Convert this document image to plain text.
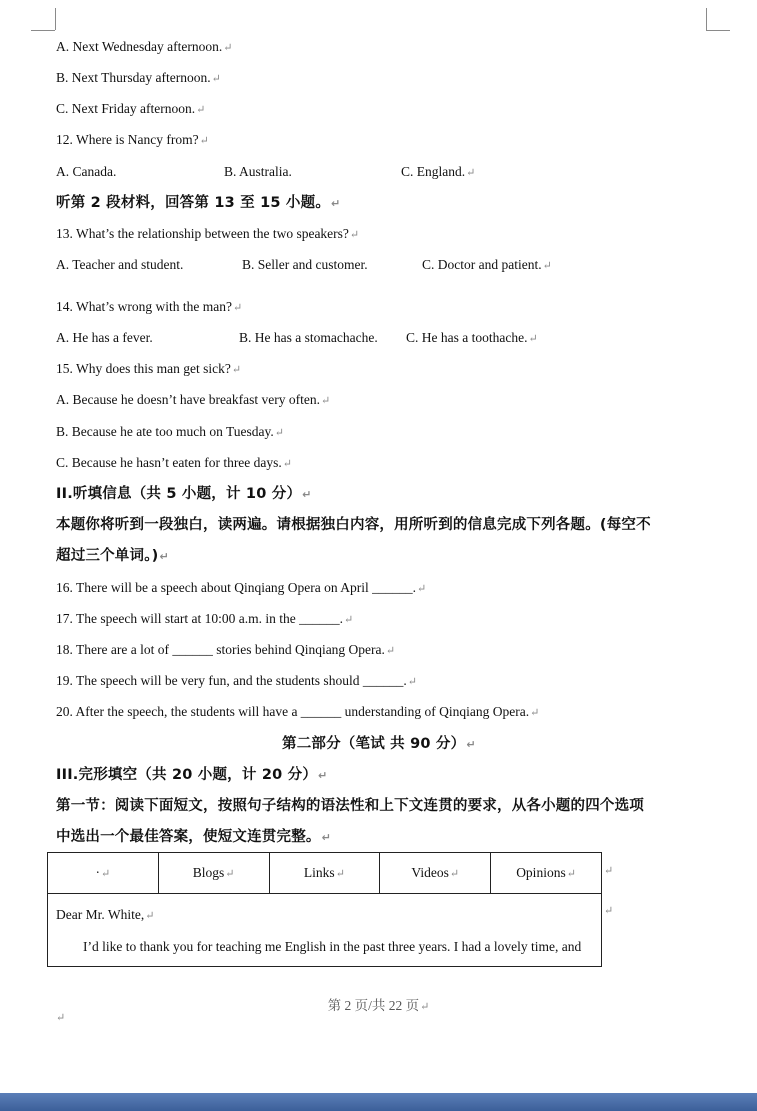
A. Next Wednesday afternoon.↵
B. Next Thursday afternoon.↵
C. Next Friday afternoon.↵
12. Where is Nancy from?↵
A. Canada.	B. Australia.	C. England.↵
听第 2 段材料，回答第 13 至 15 小题。↵
13. What’s the relationship between the two speakers?↵
A. Teacher and student.	B. Seller and customer.	C. Doctor and patient.↵
14. What’s wrong with the man?↵
A. He has a fever.	B. He has a stomachache. C. He has a toothache.↵
15. Why does this man get sick?↵
A. Because he doesn’t have breakfast very often.↵
B. Because he ate too much on Tuesday.↵
C. Because he hasn’t eaten for three days.↵
II.听填信息（共 5 小题，计 10 分）↵
本题你将听到一段独白，读两遍。请根据独白内容，用所听到的信息完成下列各题。(每空不
超过三个单词。)↵
16. There will be a speech about Qinqiang Opera on April ______.↵
17. The speech will start at 10:00 a.m. in the ______.↵
18. There are a lot of ______ stories behind Qinqiang Opera.↵
19. The speech will be very fun, and the students should ______.↵
20. After the speech, the students will have a ______ understanding of Qinqiang Opera.↵
第二部分（笔试 共 90 分）↵
III.完形填空（共 20 小题，计 20 分）↵
第一节：阅读下面短文，按照句子结构的语法性和上下文连贯的要求，从各小题的四个选项
中选出一个最佳答案，使短文连贯完整。↵
·↵	Blogs↵	Links↵	Videos↵	Opinions↵

Dear Mr. White,↵
I’d like to thank you for teaching me English in the past three years. I had a lovely time, and
↵
↵
第 2 页/共 22 页↵
↵
